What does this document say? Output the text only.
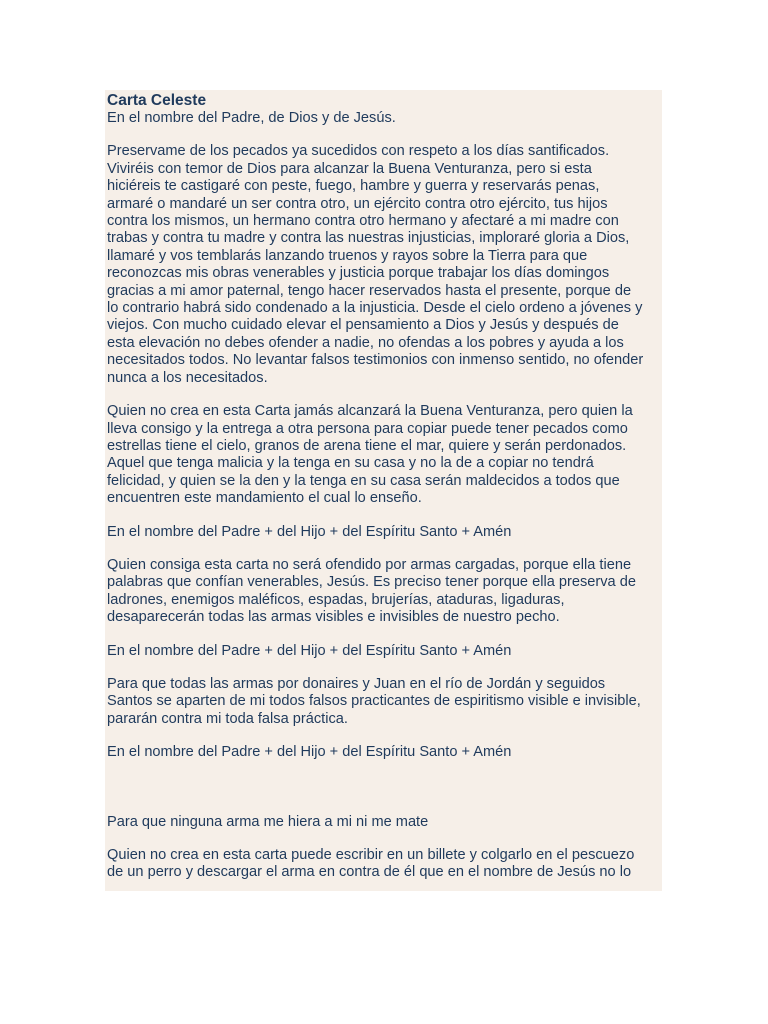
Carta Celeste
En el nombre del Padre, de Dios y de Jesús.
Preservame de los pecados ya sucedidos con respeto a los días santificados.
Viviréis con temor de Dios para alcanzar la Buena Venturanza, pero si esta
hiciéreis te castigaré con peste, fuego, hambre y guerra y reservarás penas,
armaré o mandaré un ser contra otro, un ejército contra otro ejército, tus hijos
contra los mismos, un hermano contra otro hermano y afectaré a mi madre con
trabas y contra tu madre y contra las nuestras injusticias, imploraré gloria a Dios,
llamaré y vos temblarás lanzando truenos y rayos sobre la Tierra para que
reconozcas mis obras venerables y justicia porque trabajar los días domingos
gracias a mi amor paternal, tengo hacer reservados hasta el presente, porque de
lo contrario habrá sido condenado a la injusticia. Desde el cielo ordeno a jóvenes y
viejos. Con mucho cuidado elevar el pensamiento a Dios y Jesús y después de
esta elevación no debes ofender a nadie, no ofendas a los pobres y ayuda a los
necesitados todos. No levantar falsos testimonios con inmenso sentido, no ofender
nunca a los necesitados.
Quien no crea en esta Carta jamás alcanzará la Buena Venturanza, pero quien la
lleva consigo y la entrega a otra persona para copiar puede tener pecados como
estrellas tiene el cielo, granos de arena tiene el mar, quiere y serán perdonados.
Aquel que tenga malicia y la tenga en su casa y no la de a copiar no tendrá
felicidad, y quien se la den y la tenga en su casa serán maldecidos a todos que
encuentren este mandamiento el cual lo enseño.
En el nombre del Padre + del Hijo + del Espíritu Santo + Amén
Quien consiga esta carta no será ofendido por armas cargadas, porque ella tiene
palabras que confían venerables, Jesús. Es preciso tener porque ella preserva de
ladrones, enemigos maléficos, espadas, brujerías, ataduras, ligaduras,
desaparecerán todas las armas visibles e invisibles de nuestro pecho.
En el nombre del Padre + del Hijo + del Espíritu Santo + Amén
Para que todas las armas por donaires y Juan en el río de Jordán y seguidos
Santos se aparten de mi todos falsos practicantes de espiritismo visible e invisible,
pararán contra mi toda falsa práctica.
En el nombre del Padre + del Hijo + del Espíritu Santo + Amén
Para que ninguna arma me hiera a mi ni me mate
Quien no crea en esta carta puede escribir en un billete y colgarlo en el pescuezo
de un perro y descargar el arma en contra de él que en el nombre de Jesús no lo
